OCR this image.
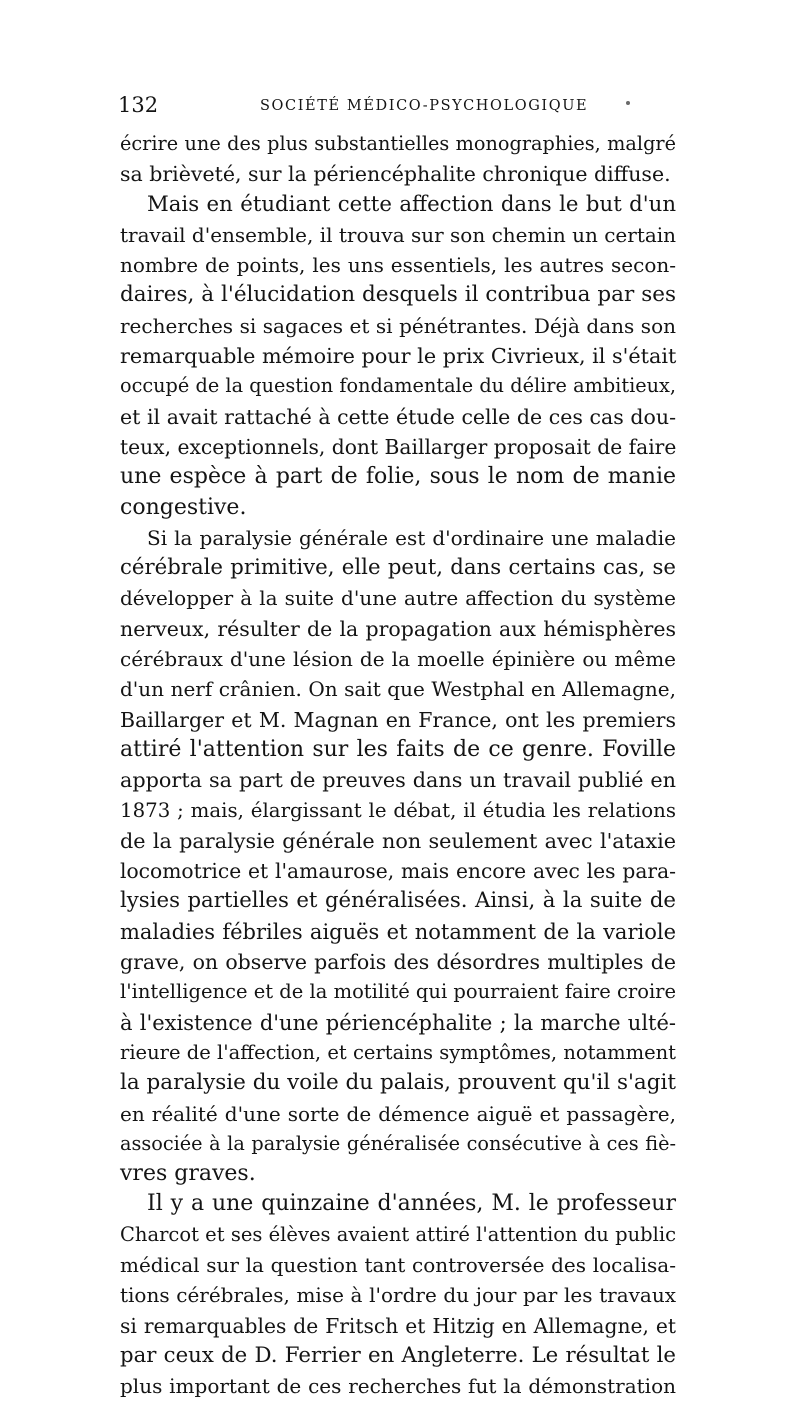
132	SOCIÉTÉ MÉDICO-PSYCHOLOGIQUE
écrire une des plus substantielles monographies, malgré
sa brièveté, sur la périencéphalite chronique diffuse.
Mais en étudiant cette affection dans le but d'un
travail d'ensemble, il trouva sur son chemin un certain
nombre de points, les uns essentiels, les autres secon-
daires, à l'élucidation desquels il contribua par ses
recherches si sagaces et si pénétrantes. Déjà dans son
remarquable mémoire pour le prix Civrieux, il s'était
occupé de la question fondamentale du délire ambitieux,
et il avait rattaché à cette étude celle de ces cas dou-
teux, exceptionnels, dont Baillarger proposait de faire
une espèce à part de folie, sous le nom de manie
congestive.
Si la paralysie générale est d'ordinaire une maladie
cérébrale primitive, elle peut, dans certains cas, se
développer à la suite d'une autre affection du système
nerveux, résulter de la propagation aux hémisphères
cérébraux d'une lésion de la moelle épinière ou même
d'un nerf crânien. On sait que Westphal en Allemagne,
Baillarger et M. Magnan en France, ont les premiers
attiré l'attention sur les faits de ce genre. Foville
apporta sa part de preuves dans un travail publié en
1873 ; mais, élargissant le débat, il étudia les relations
de la paralysie générale non seulement avec l'ataxie
locomotrice et l'amaurose, mais encore avec les para-
lysies partielles et généralisées. Ainsi, à la suite de
maladies fébriles aiguës et notamment de la variole
grave, on observe parfois des désordres multiples de
l'intelligence et de la motilité qui pourraient faire croire
à l'existence d'une périencéphalite ; la marche ulté-
rieure de l'affection, et certains symptômes, notamment
la paralysie du voile du palais, prouvent qu'il s'agit
en réalité d'une sorte de démence aiguë et passagère,
associée à la paralysie généralisée consécutive à ces fiè-
vres graves.
Il y a une quinzaine d'années, M. le professeur
Charcot et ses élèves avaient attiré l'attention du public
médical sur la question tant controversée des localisa-
tions cérébrales, mise à l'ordre du jour par les travaux
si remarquables de Fritsch et Hitzig en Allemagne, et
par ceux de D. Ferrier en Angleterre. Le résultat le
plus important de ces recherches fut la démonstration
